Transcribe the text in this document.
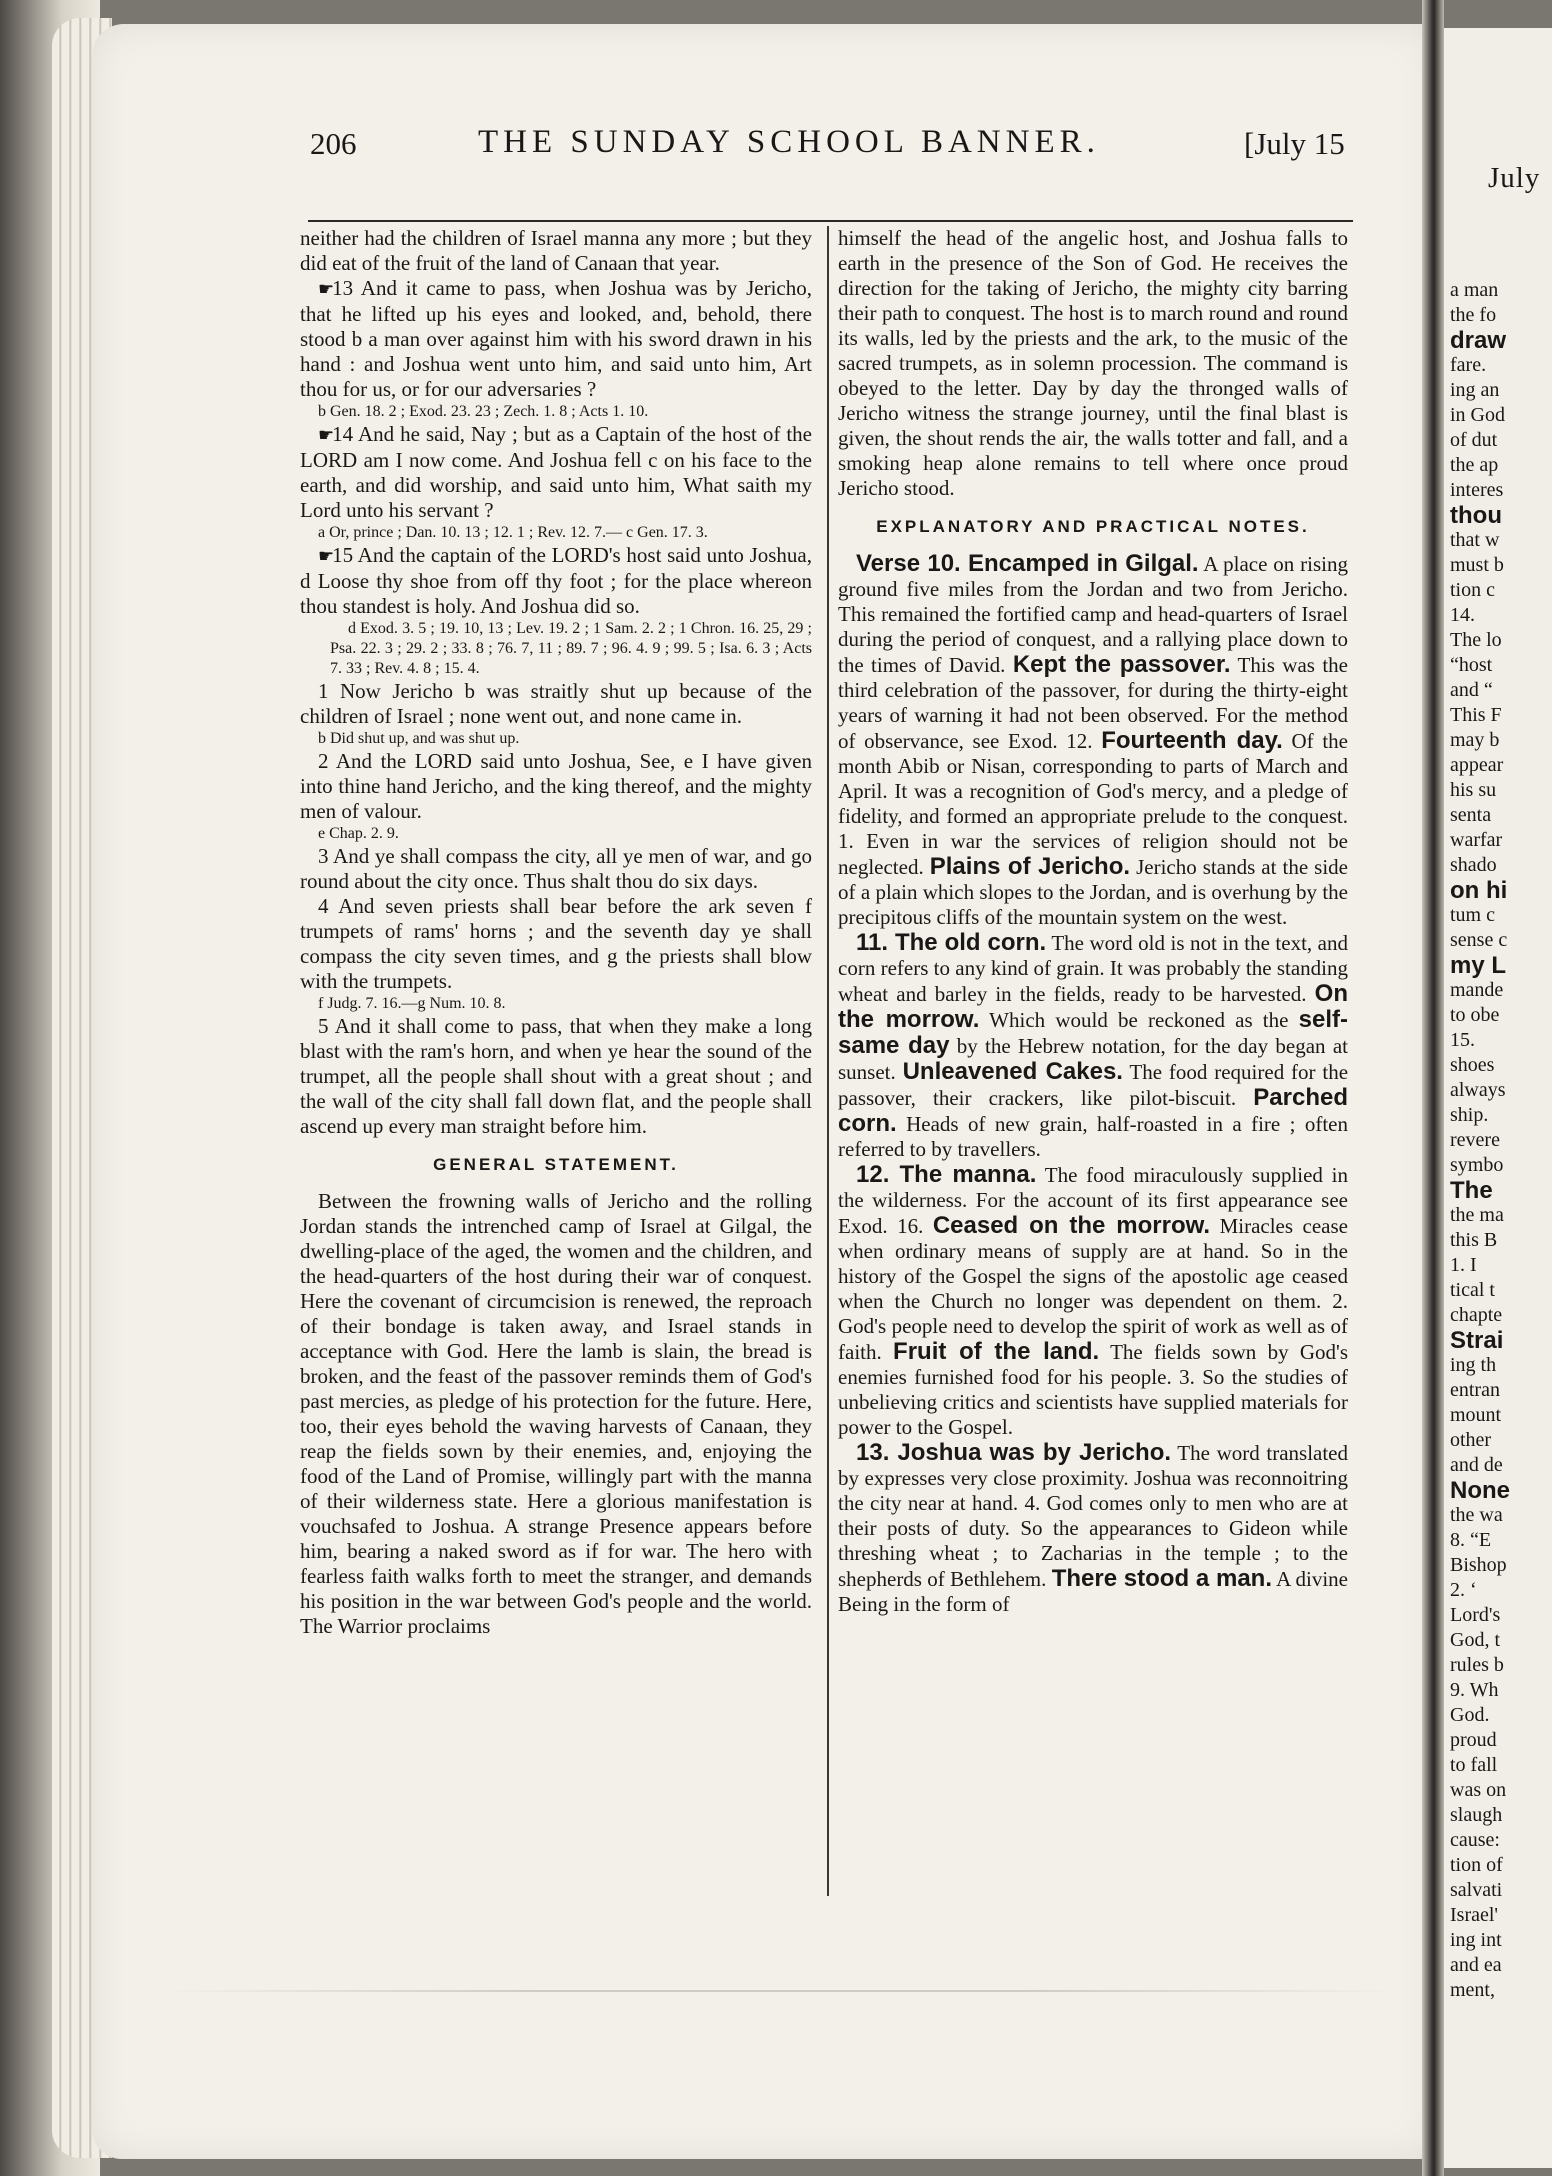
206	THE SUNDAY SCHOOL BANNER.	[July 15

neither had the children of Israel manna any more ; but they did eat of the fruit of the land of Canaan that year.

☛13 And it came to pass, when Joshua was by Jericho, that he lifted up his eyes and looked, and, behold, there stood b a man over against him with his sword drawn in his hand : and Joshua went unto him, and said unto him, Art thou for us, or for our adversaries ?

b Gen. 18. 2 ; Exod. 23. 23 ; Zech. 1. 8 ; Acts 1. 10.

☛14 And he said, Nay ; but as a Captain of the host of the LORD am I now come. And Joshua fell c on his face to the earth, and did worship, and said unto him, What saith my Lord unto his servant ?

a Or, prince ; Dan. 10. 13 ; 12. 1 ; Rev. 12. 7.— c Gen. 17. 3.

☛15 And the captain of the LORD's host said unto Joshua, d Loose thy shoe from off thy foot ; for the place whereon thou standest is holy. And Joshua did so.

d Exod. 3. 5 ; 19. 10, 13 ; Lev. 19. 2 ; 1 Sam. 2. 2 ; 1 Chron. 16. 25, 29 ; Psa. 22. 3 ; 29. 2 ; 33. 8 ; 76. 7, 11 ; 89. 7 ; 96. 4. 9 ; 99. 5 ; Isa. 6. 3 ; Acts 7. 33 ; Rev. 4. 8 ; 15. 4.

1 Now Jericho b was straitly shut up because of the children of Israel ; none went out, and none came in.

b Did shut up, and was shut up.

2 And the LORD said unto Joshua, See, e I have given into thine hand Jericho, and the king thereof, and the mighty men of valour.

e Chap. 2. 9.

3 And ye shall compass the city, all ye men of war, and go round about the city once. Thus shalt thou do six days.

4 And seven priests shall bear before the ark seven f trumpets of rams' horns ; and the seventh day ye shall compass the city seven times, and g the priests shall blow with the trumpets.

f Judg. 7. 16.—g Num. 10. 8.

5 And it shall come to pass, that when they make a long blast with the ram's horn, and when ye hear the sound of the trumpet, all the people shall shout with a great shout ; and the wall of the city shall fall down flat, and the people shall ascend up every man straight before him.

GENERAL STATEMENT.

Between the frowning walls of Jericho and the rolling Jordan stands the intrenched camp of Israel at Gilgal, the dwelling-place of the aged, the women and the children, and the head-quarters of the host during their war of conquest. Here the covenant of circumcision is renewed, the reproach of their bondage is taken away, and Israel stands in acceptance with God. Here the lamb is slain, the bread is broken, and the feast of the passover reminds them of God's past mercies, as pledge of his protection for the future. Here, too, their eyes behold the waving harvests of Canaan, they reap the fields sown by their enemies, and, enjoying the food of the Land of Promise, willingly part with the manna of their wilderness state. Here a glorious manifestation is vouchsafed to Joshua. A strange Presence appears before him, bearing a naked sword as if for war. The hero with fearless faith walks forth to meet the stranger, and demands his position in the war between God's people and the world. The Warrior proclaims

himself the head of the angelic host, and Joshua falls to earth in the presence of the Son of God. He receives the direction for the taking of Jericho, the mighty city barring their path to conquest. The host is to march round and round its walls, led by the priests and the ark, to the music of the sacred trumpets, as in solemn procession. The command is obeyed to the letter. Day by day the thronged walls of Jericho witness the strange journey, until the final blast is given, the shout rends the air, the walls totter and fall, and a smoking heap alone remains to tell where once proud Jericho stood.

EXPLANATORY AND PRACTICAL NOTES.

Verse 10. Encamped in Gilgal. A place on rising ground five miles from the Jordan and two from Jericho. This remained the fortified camp and head-quarters of Israel during the period of conquest, and a rallying place down to the times of David. Kept the passover. This was the third celebration of the passover, for during the thirty-eight years of warning it had not been observed. For the method of observance, see Exod. 12. Fourteenth day. Of the month Abib or Nisan, corresponding to parts of March and April. It was a recognition of God's mercy, and a pledge of fidelity, and formed an appropriate prelude to the conquest. 1. Even in war the services of religion should not be neglected. Plains of Jericho. Jericho stands at the side of a plain which slopes to the Jordan, and is overhung by the precipitous cliffs of the mountain system on the west.

11. The old corn. The word old is not in the text, and corn refers to any kind of grain. It was probably the standing wheat and barley in the fields, ready to be harvested. On the morrow. Which would be reckoned as the self-same day by the Hebrew notation, for the day began at sunset. Unleavened Cakes. The food required for the passover, their crackers, like pilot-biscuit. Parched corn. Heads of new grain, half-roasted in a fire ; often referred to by travellers.

12. The manna. The food miraculously supplied in the wilderness. For the account of its first appearance see Exod. 16. Ceased on the morrow. Miracles cease when ordinary means of supply are at hand. So in the history of the Gospel the signs of the apostolic age ceased when the Church no longer was dependent on them. 2. God's people need to develop the spirit of work as well as of faith. Fruit of the land. The fields sown by God's enemies furnished food for his people. 3. So the studies of unbelieving critics and scientists have supplied materials for power to the Gospel.

13. Joshua was by Jericho. The word translated by expresses very close proximity. Joshua was reconnoitring the city near at hand. 4. God comes only to men who are at their posts of duty. So the appearances to Gideon while threshing wheat ; to Zacharias in the temple ; to the shepherds of Bethlehem. There stood a man. A divine Being in the form of

July
a man
the fo
draw
fare.
ing an
in God
of dut
the ap
interes
thou
that w
must b
tion c
14.
The lo
“host
and “
This F
may b
appear
his su
senta
warfar
shado
on hi
tum c
sense c
my L
mande
to obe
15.
shoes
always
ship.
revere
symbo
The
the ma
this B
1. I
tical t
chapte
Strai
ing th
entran
mount
other
and de
None
the wa
8. “E
Bishop
2. ‘
Lord's
God, t
rules b
9. Wh
God.
proud
to fall
was on
slaugh
cause:
tion of
salvati
Israel'
ing int
and ea
ment,
